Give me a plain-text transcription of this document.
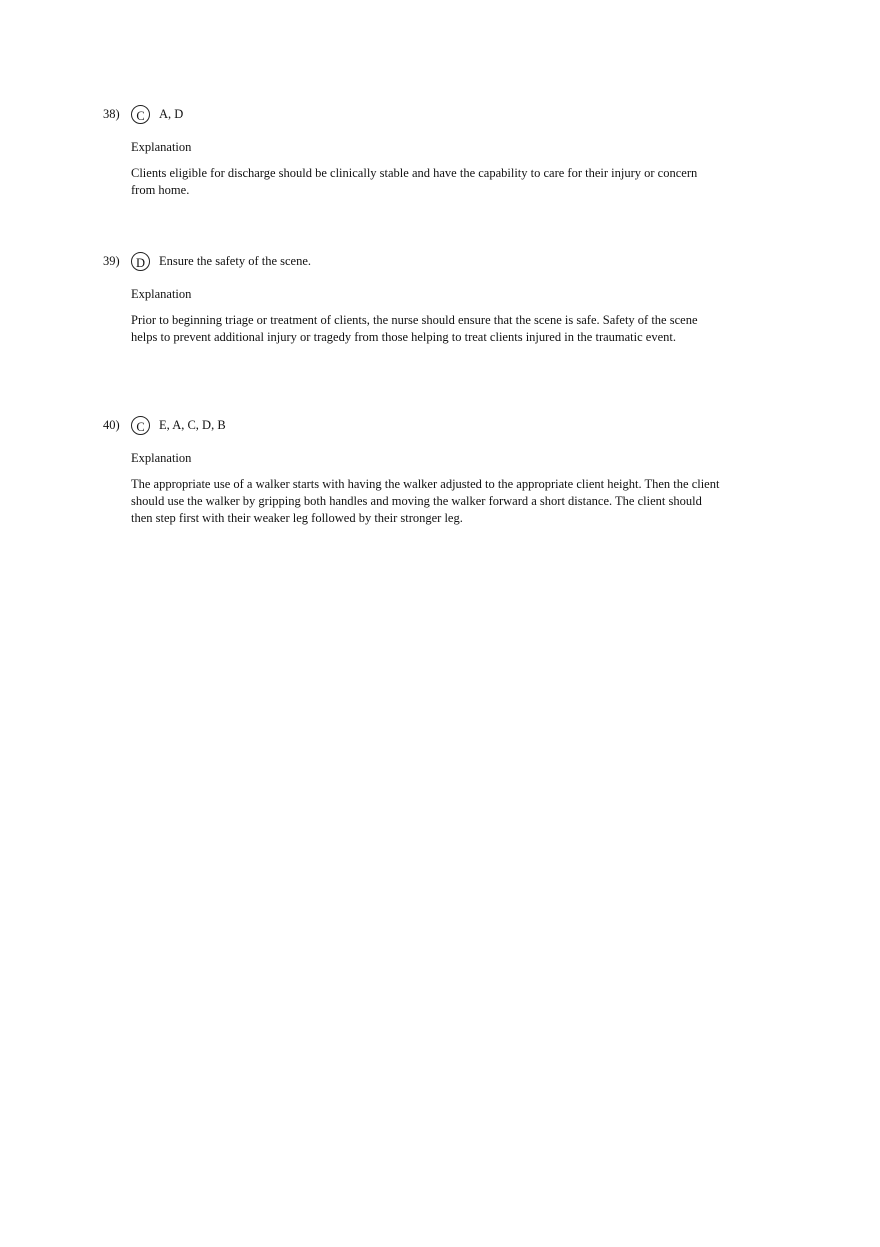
38)	C	A, D
Explanation

Clients eligible for discharge should be clinically stable and have the capability to care for their injury or concern from home.

39)	D	Ensure the safety of the scene.
Explanation

Prior to beginning triage or treatment of clients, the nurse should ensure that the scene is safe. Safety of the scene helps to prevent additional injury or tragedy from those helping to treat clients injured in the traumatic event.

40)	C	E, A, C, D, B
Explanation

The appropriate use of a walker starts with having the walker adjusted to the appropriate client height. Then the client should use the walker by gripping both handles and moving the walker forward a short distance. The client should then step first with their weaker leg followed by their stronger leg.
